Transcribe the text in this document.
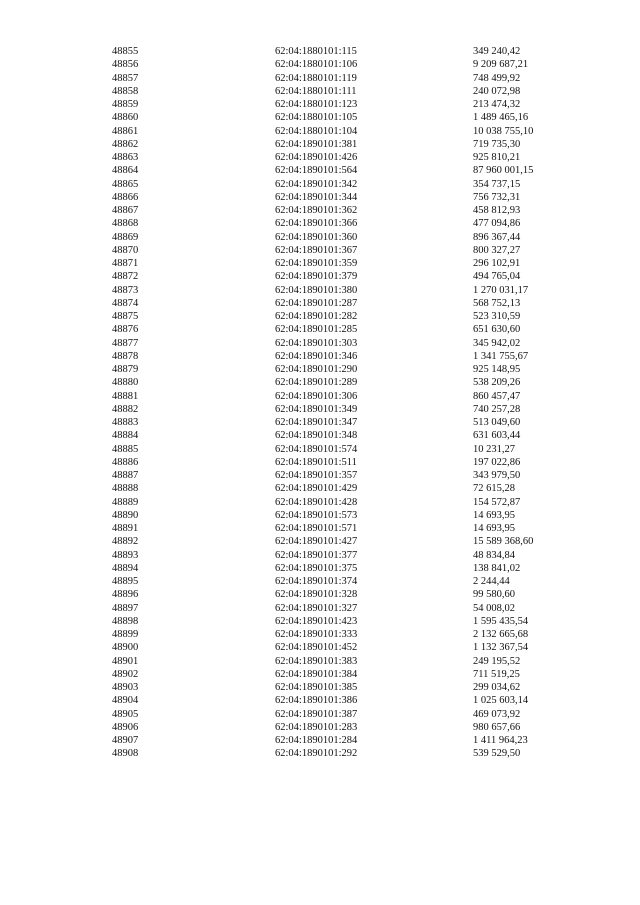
48855	62:04:1880101:115	349 240,42
48856	62:04:1880101:106	9 209 687,21
48857	62:04:1880101:119	748 499,92
48858	62:04:1880101:111	240 072,98
48859	62:04:1880101:123	213 474,32
48860	62:04:1880101:105	1 489 465,16
48861	62:04:1880101:104	10 038 755,10
48862	62:04:1890101:381	719 735,30
48863	62:04:1890101:426	925 810,21
48864	62:04:1890101:564	87 960 001,15
48865	62:04:1890101:342	354 737,15
48866	62:04:1890101:344	756 732,31
48867	62:04:1890101:362	458 812,93
48868	62:04:1890101:366	477 094,86
48869	62:04:1890101:360	896 367,44
48870	62:04:1890101:367	800 327,27
48871	62:04:1890101:359	296 102,91
48872	62:04:1890101:379	494 765,04
48873	62:04:1890101:380	1 270 031,17
48874	62:04:1890101:287	568 752,13
48875	62:04:1890101:282	523 310,59
48876	62:04:1890101:285	651 630,60
48877	62:04:1890101:303	345 942,02
48878	62:04:1890101:346	1 341 755,67
48879	62:04:1890101:290	925 148,95
48880	62:04:1890101:289	538 209,26
48881	62:04:1890101:306	860 457,47
48882	62:04:1890101:349	740 257,28
48883	62:04:1890101:347	513 049,60
48884	62:04:1890101:348	631 603,44
48885	62:04:1890101:574	10 231,27
48886	62:04:1890101:511	197 022,86
48887	62:04:1890101:357	343 979,50
48888	62:04:1890101:429	72 615,28
48889	62:04:1890101:428	154 572,87
48890	62:04:1890101:573	14 693,95
48891	62:04:1890101:571	14 693,95
48892	62:04:1890101:427	15 589 368,60
48893	62:04:1890101:377	48 834,84
48894	62:04:1890101:375	138 841,02
48895	62:04:1890101:374	2 244,44
48896	62:04:1890101:328	99 580,60
48897	62:04:1890101:327	54 008,02
48898	62:04:1890101:423	1 595 435,54
48899	62:04:1890101:333	2 132 665,68
48900	62:04:1890101:452	1 132 367,54
48901	62:04:1890101:383	249 195,52
48902	62:04:1890101:384	711 519,25
48903	62:04:1890101:385	299 034,62
48904	62:04:1890101:386	1 025 603,14
48905	62:04:1890101:387	469 073,92
48906	62:04:1890101:283	980 657,66
48907	62:04:1890101:284	1 411 964,23
48908	62:04:1890101:292	539 529,50
